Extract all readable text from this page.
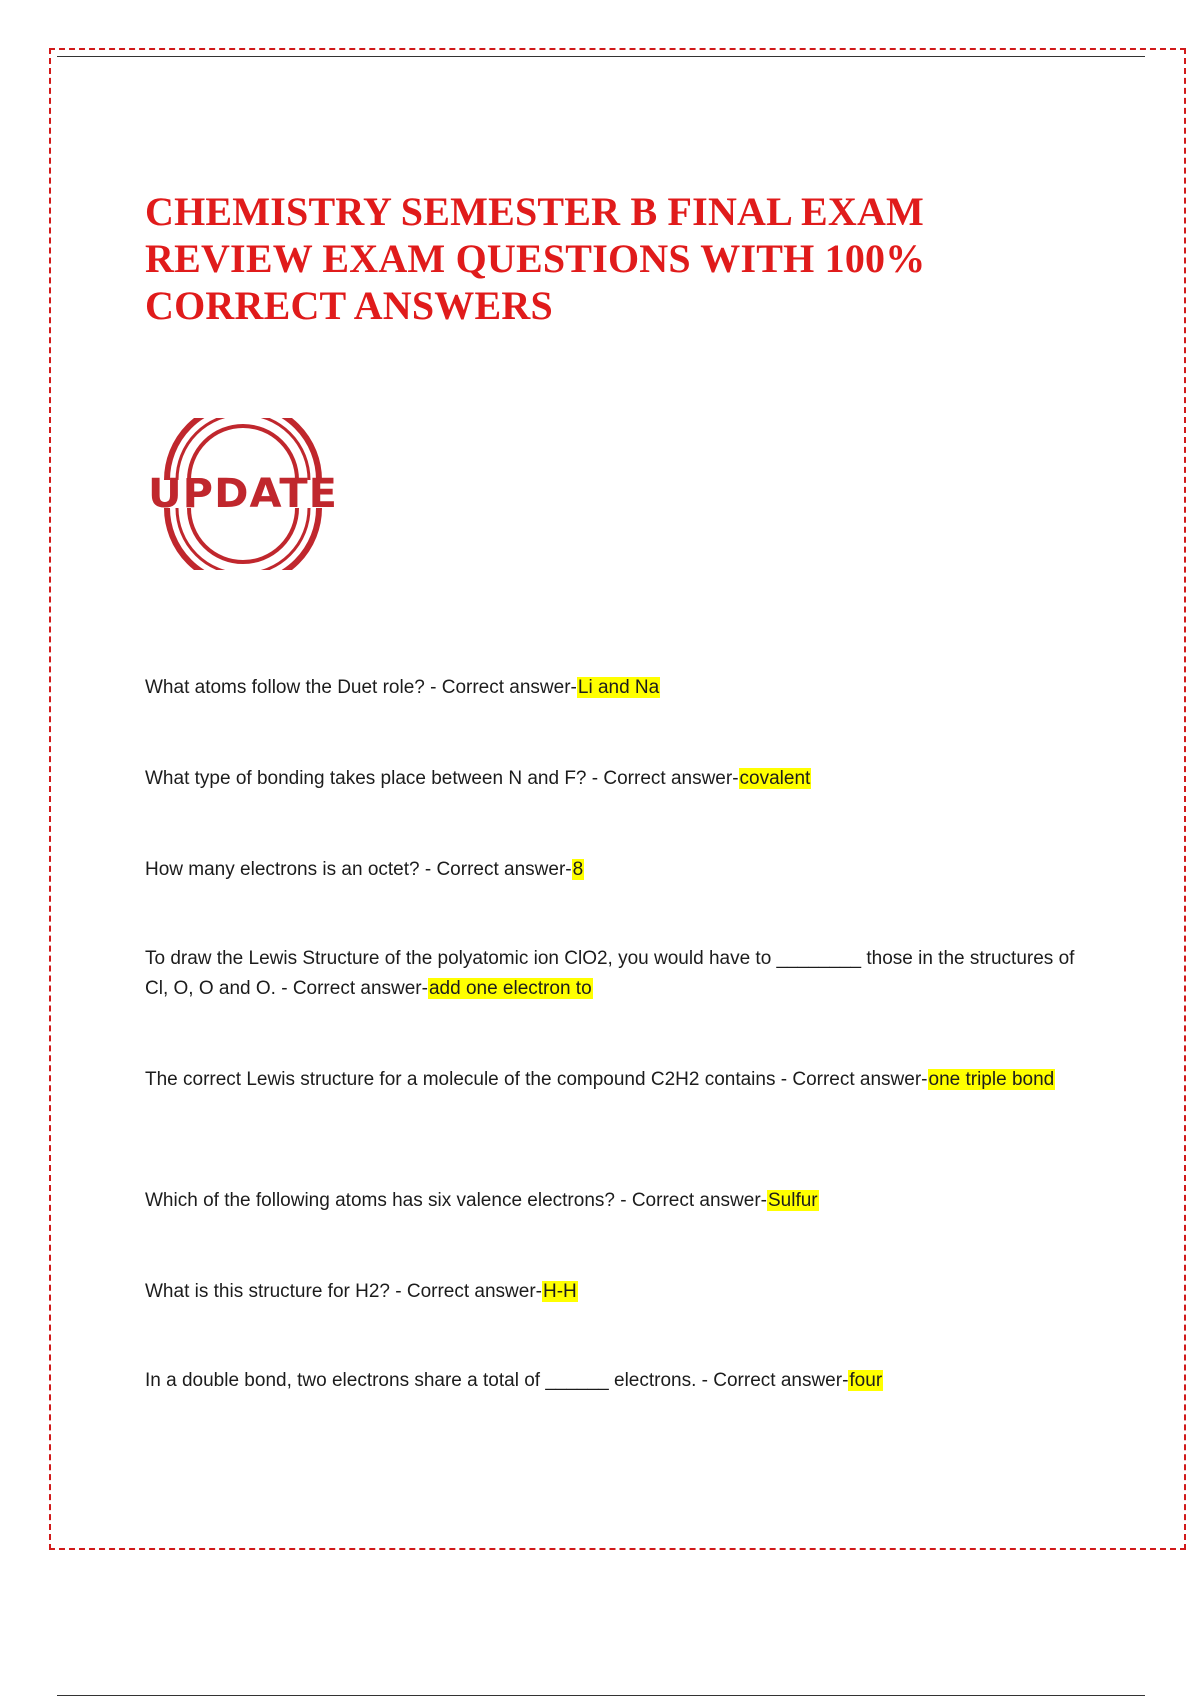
CHEMISTRY SEMESTER B FINAL EXAM
REVIEW EXAM QUESTIONS WITH 100%
CORRECT ANSWERS
UPDATE

What atoms follow the Duet role? - Correct answer-Li and Na

What type of bonding takes place between N and F? - Correct answer-covalent

How many electrons is an octet? - Correct answer-8

To draw the Lewis Structure of the polyatomic ion ClO2, you would have to ________ those in the structures of Cl, O, O and O. - Correct answer-add one electron to

The correct Lewis structure for a molecule of the compound C2H2 contains - Correct answer-one triple bond

Which of the following atoms has six valence electrons? - Correct answer-Sulfur

What is this structure for H2? - Correct answer-H-H

In a double bond, two electrons share a total of ______ electrons. - Correct answer-four
